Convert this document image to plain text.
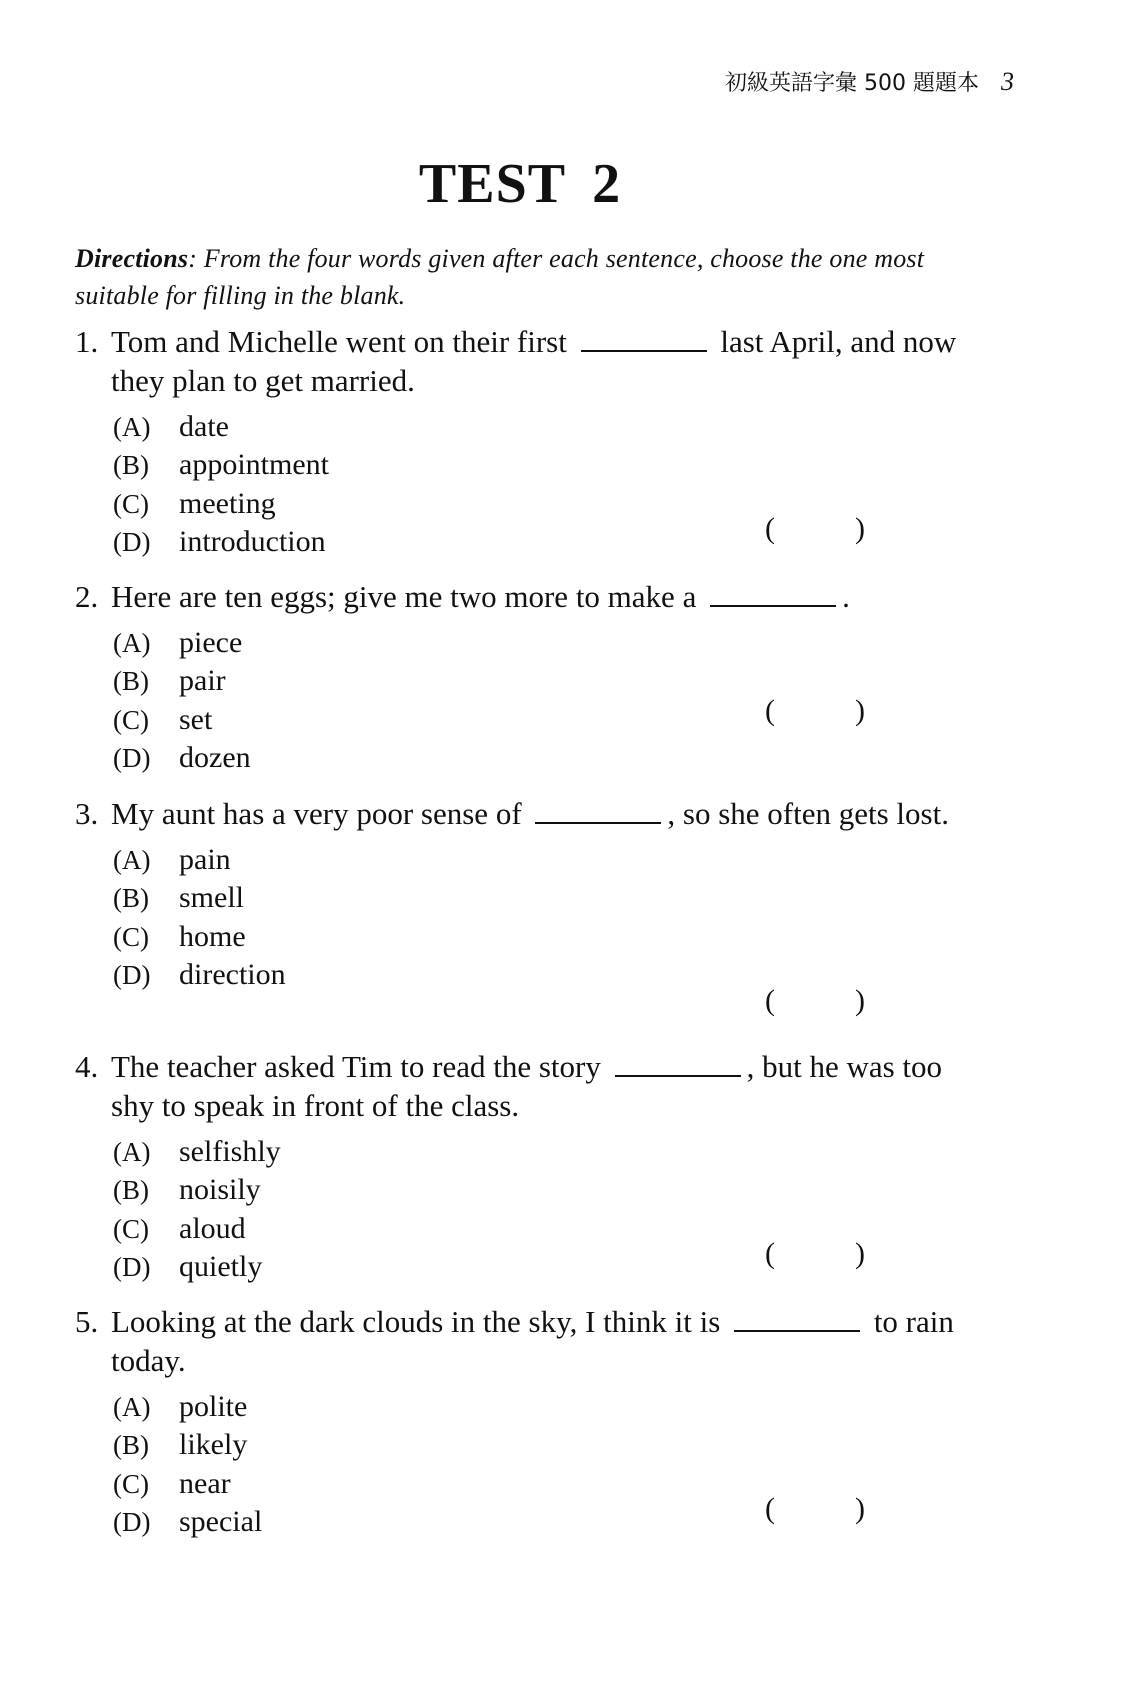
初級英語字彙 500 題題本 3
TEST 2
Directions: From the four words given after each sentence, choose the one most suitable for filling in the blank.
1. Tom and Michelle went on their first	last April, and now they plan to get married.
(A) date
(B)	appointment
(C)	meeting
(D) introduction	(	)
2. Here are ten eggs; give me two more to make a	.
(A) piece
(B)	pair
(C)	set
(D) dozen
(	)
3. My aunt has a very poor sense of	, so she often gets lost.
(A) pain
(B)	smell
(C)	home
(D) direction
(	)
4. The teacher asked Tim to read the story	, but he was too shy to speak in front of the class.
(A) selfishly
(B)	noisily
(C)	aloud
(D) quietly	(	)
5. Looking at the dark clouds in the sky, I think it is	to rain today.
(A) polite
(B)	likely
(C)	near
(D) special	(	)
